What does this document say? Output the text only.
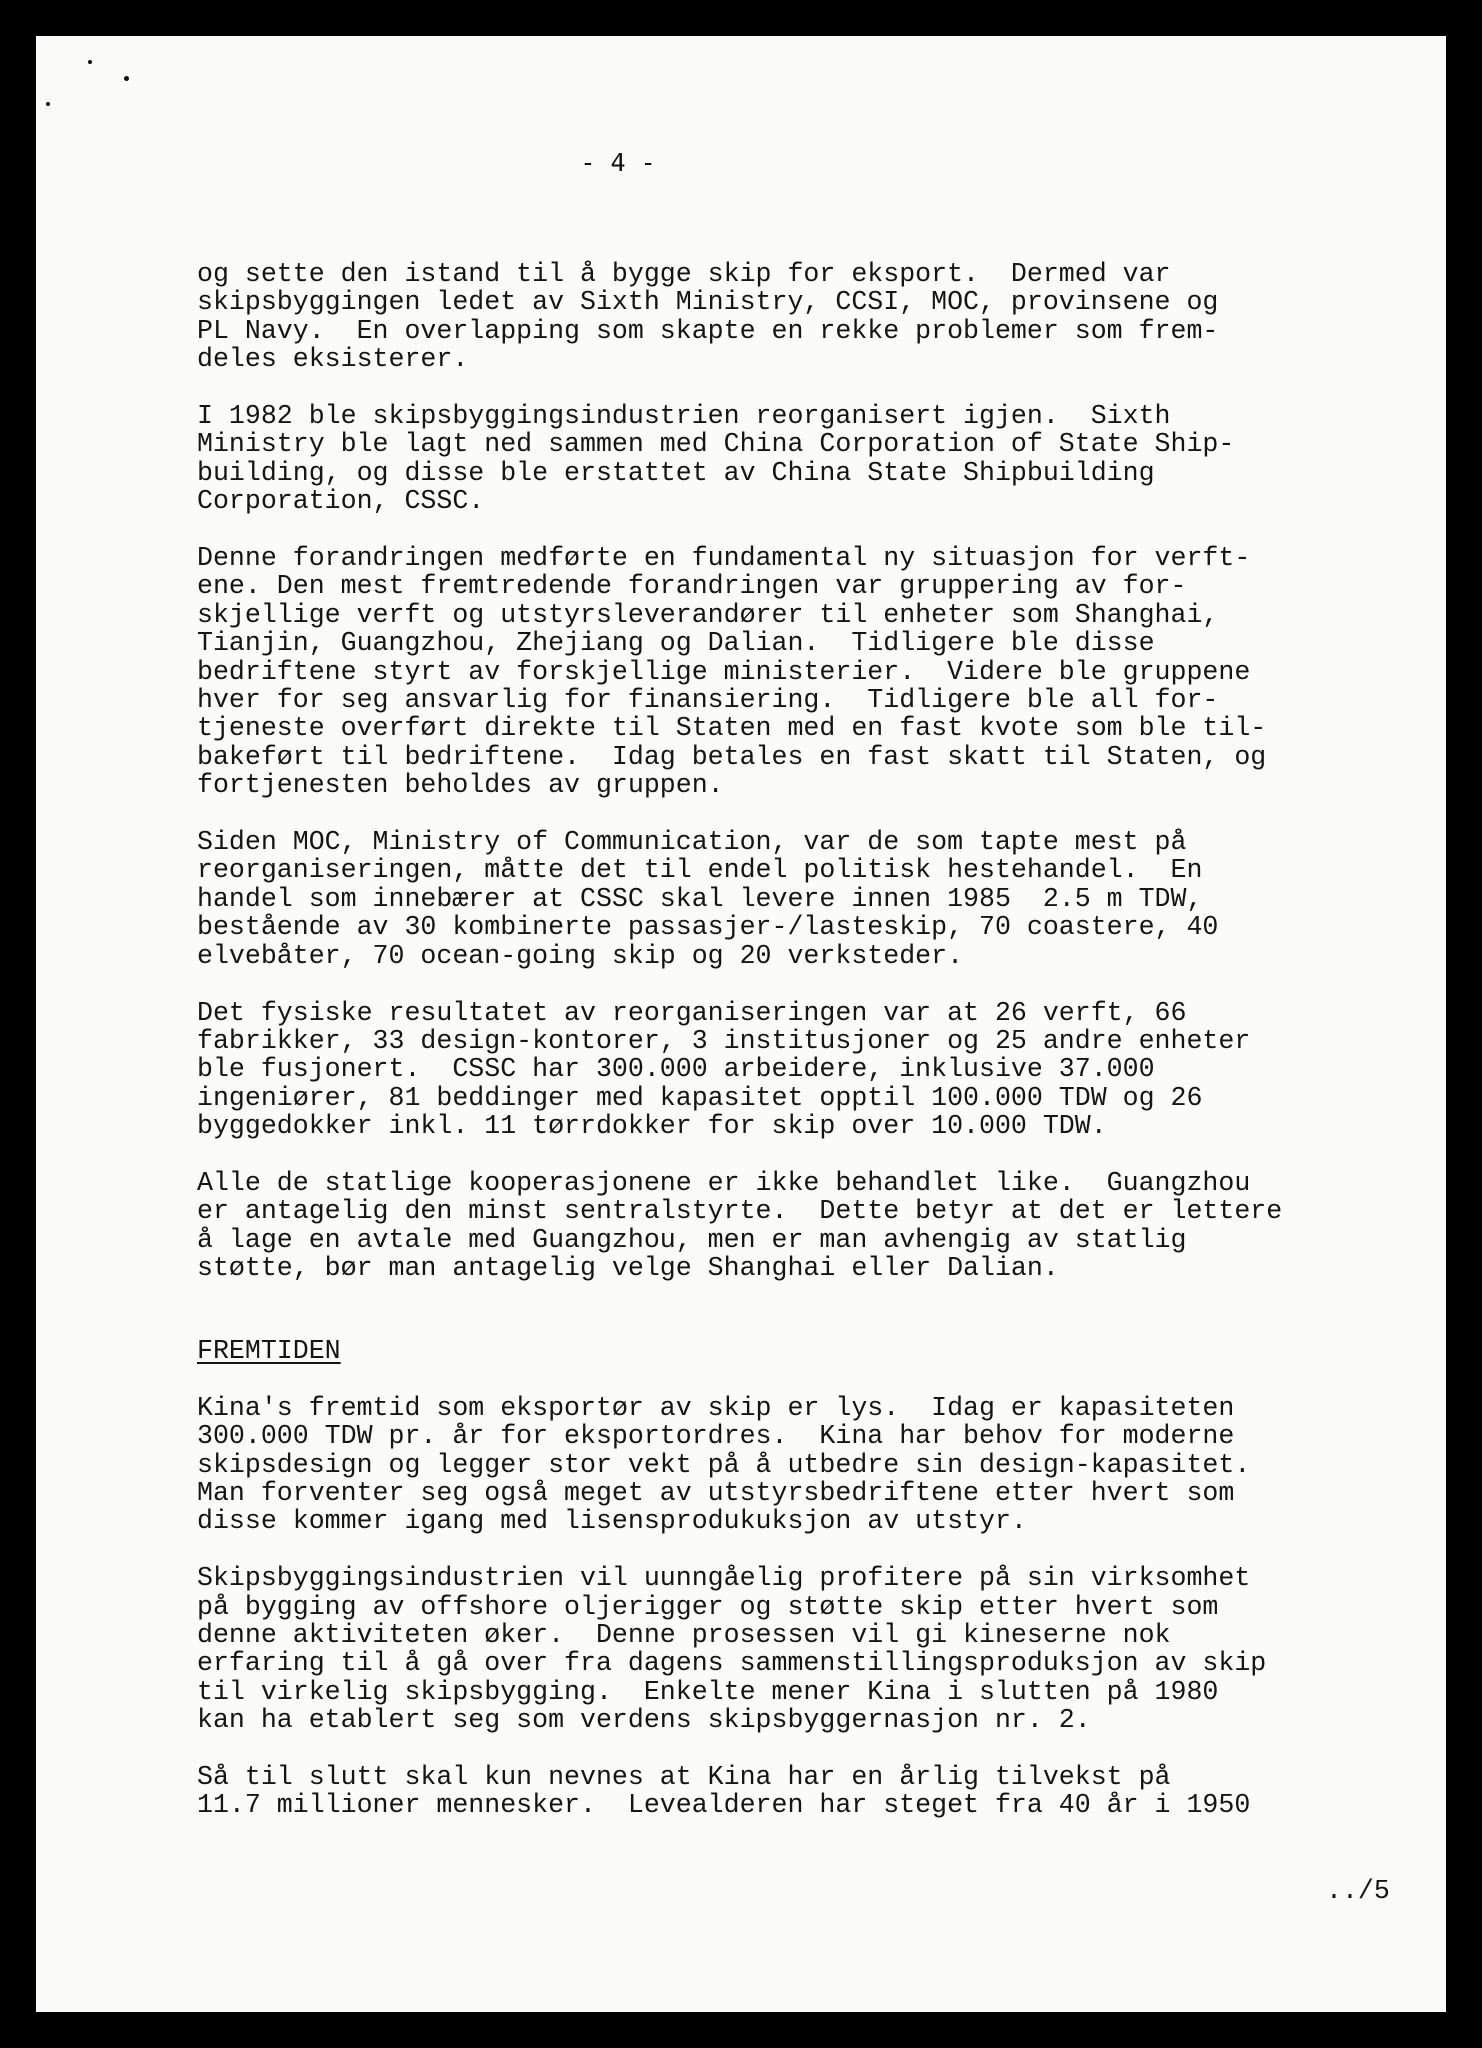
- 4 -
og sette den istand til å bygge skip for eksport.  Dermed var
skipsbyggingen ledet av Sixth Ministry, CCSI, MOC, provinsene og
PL Navy.  En overlapping som skapte en rekke problemer som frem-
deles eksisterer.
I 1982 ble skipsbyggingsindustrien reorganisert igjen.  Sixth
Ministry ble lagt ned sammen med China Corporation of State Ship-
building, og disse ble erstattet av China State Shipbuilding
Corporation, CSSC.
Denne forandringen medførte en fundamental ny situasjon for verft-
ene. Den mest fremtredende forandringen var gruppering av for-
skjellige verft og utstyrsleverandører til enheter som Shanghai,
Tianjin, Guangzhou, Zhejiang og Dalian.  Tidligere ble disse
bedriftene styrt av forskjellige ministerier.  Videre ble gruppene
hver for seg ansvarlig for finansiering.  Tidligere ble all for-
tjeneste overført direkte til Staten med en fast kvote som ble til-
bakeført til bedriftene.  Idag betales en fast skatt til Staten, og
fortjenesten beholdes av gruppen.
Siden MOC, Ministry of Communication, var de som tapte mest på
reorganiseringen, måtte det til endel politisk hestehandel.  En
handel som innebærer at CSSC skal levere innen 1985  2.5 m TDW,
bestående av 30 kombinerte passasjer-/lasteskip, 70 coastere, 40
elvebåter, 70 ocean-going skip og 20 verksteder.
Det fysiske resultatet av reorganiseringen var at 26 verft, 66
fabrikker, 33 design-kontorer, 3 institusjoner og 25 andre enheter
ble fusjonert.  CSSC har 300.000 arbeidere, inklusive 37.000
ingeniører, 81 beddinger med kapasitet opptil 100.000 TDW og 26
byggedokker inkl. 11 tørrdokker for skip over 10.000 TDW.
Alle de statlige kooperasjonene er ikke behandlet like.  Guangzhou
er antagelig den minst sentralstyrte.  Dette betyr at det er lettere
å lage en avtale med Guangzhou, men er man avhengig av statlig
støtte, bør man antagelig velge Shanghai eller Dalian.
FREMTIDEN
Kina's fremtid som eksportør av skip er lys.  Idag er kapasiteten
300.000 TDW pr. år for eksportordres.  Kina har behov for moderne
skipsdesign og legger stor vekt på å utbedre sin design-kapasitet.
Man forventer seg også meget av utstyrsbedriftene etter hvert som
disse kommer igang med lisensprodukuksjon av utstyr.
Skipsbyggingsindustrien vil uunngåelig profitere på sin virksomhet
på bygging av offshore oljerigger og støtte skip etter hvert som
denne aktiviteten øker.  Denne prosessen vil gi kineserne nok
erfaring til å gå over fra dagens sammenstillingsproduksjon av skip
til virkelig skipsbygging.  Enkelte mener Kina i slutten på 1980
kan ha etablert seg som verdens skipsbyggernasjon nr. 2.
Så til slutt skal kun nevnes at Kina har en årlig tilvekst på
11.7 millioner mennesker.  Levealderen har steget fra 40 år i 1950
../5
